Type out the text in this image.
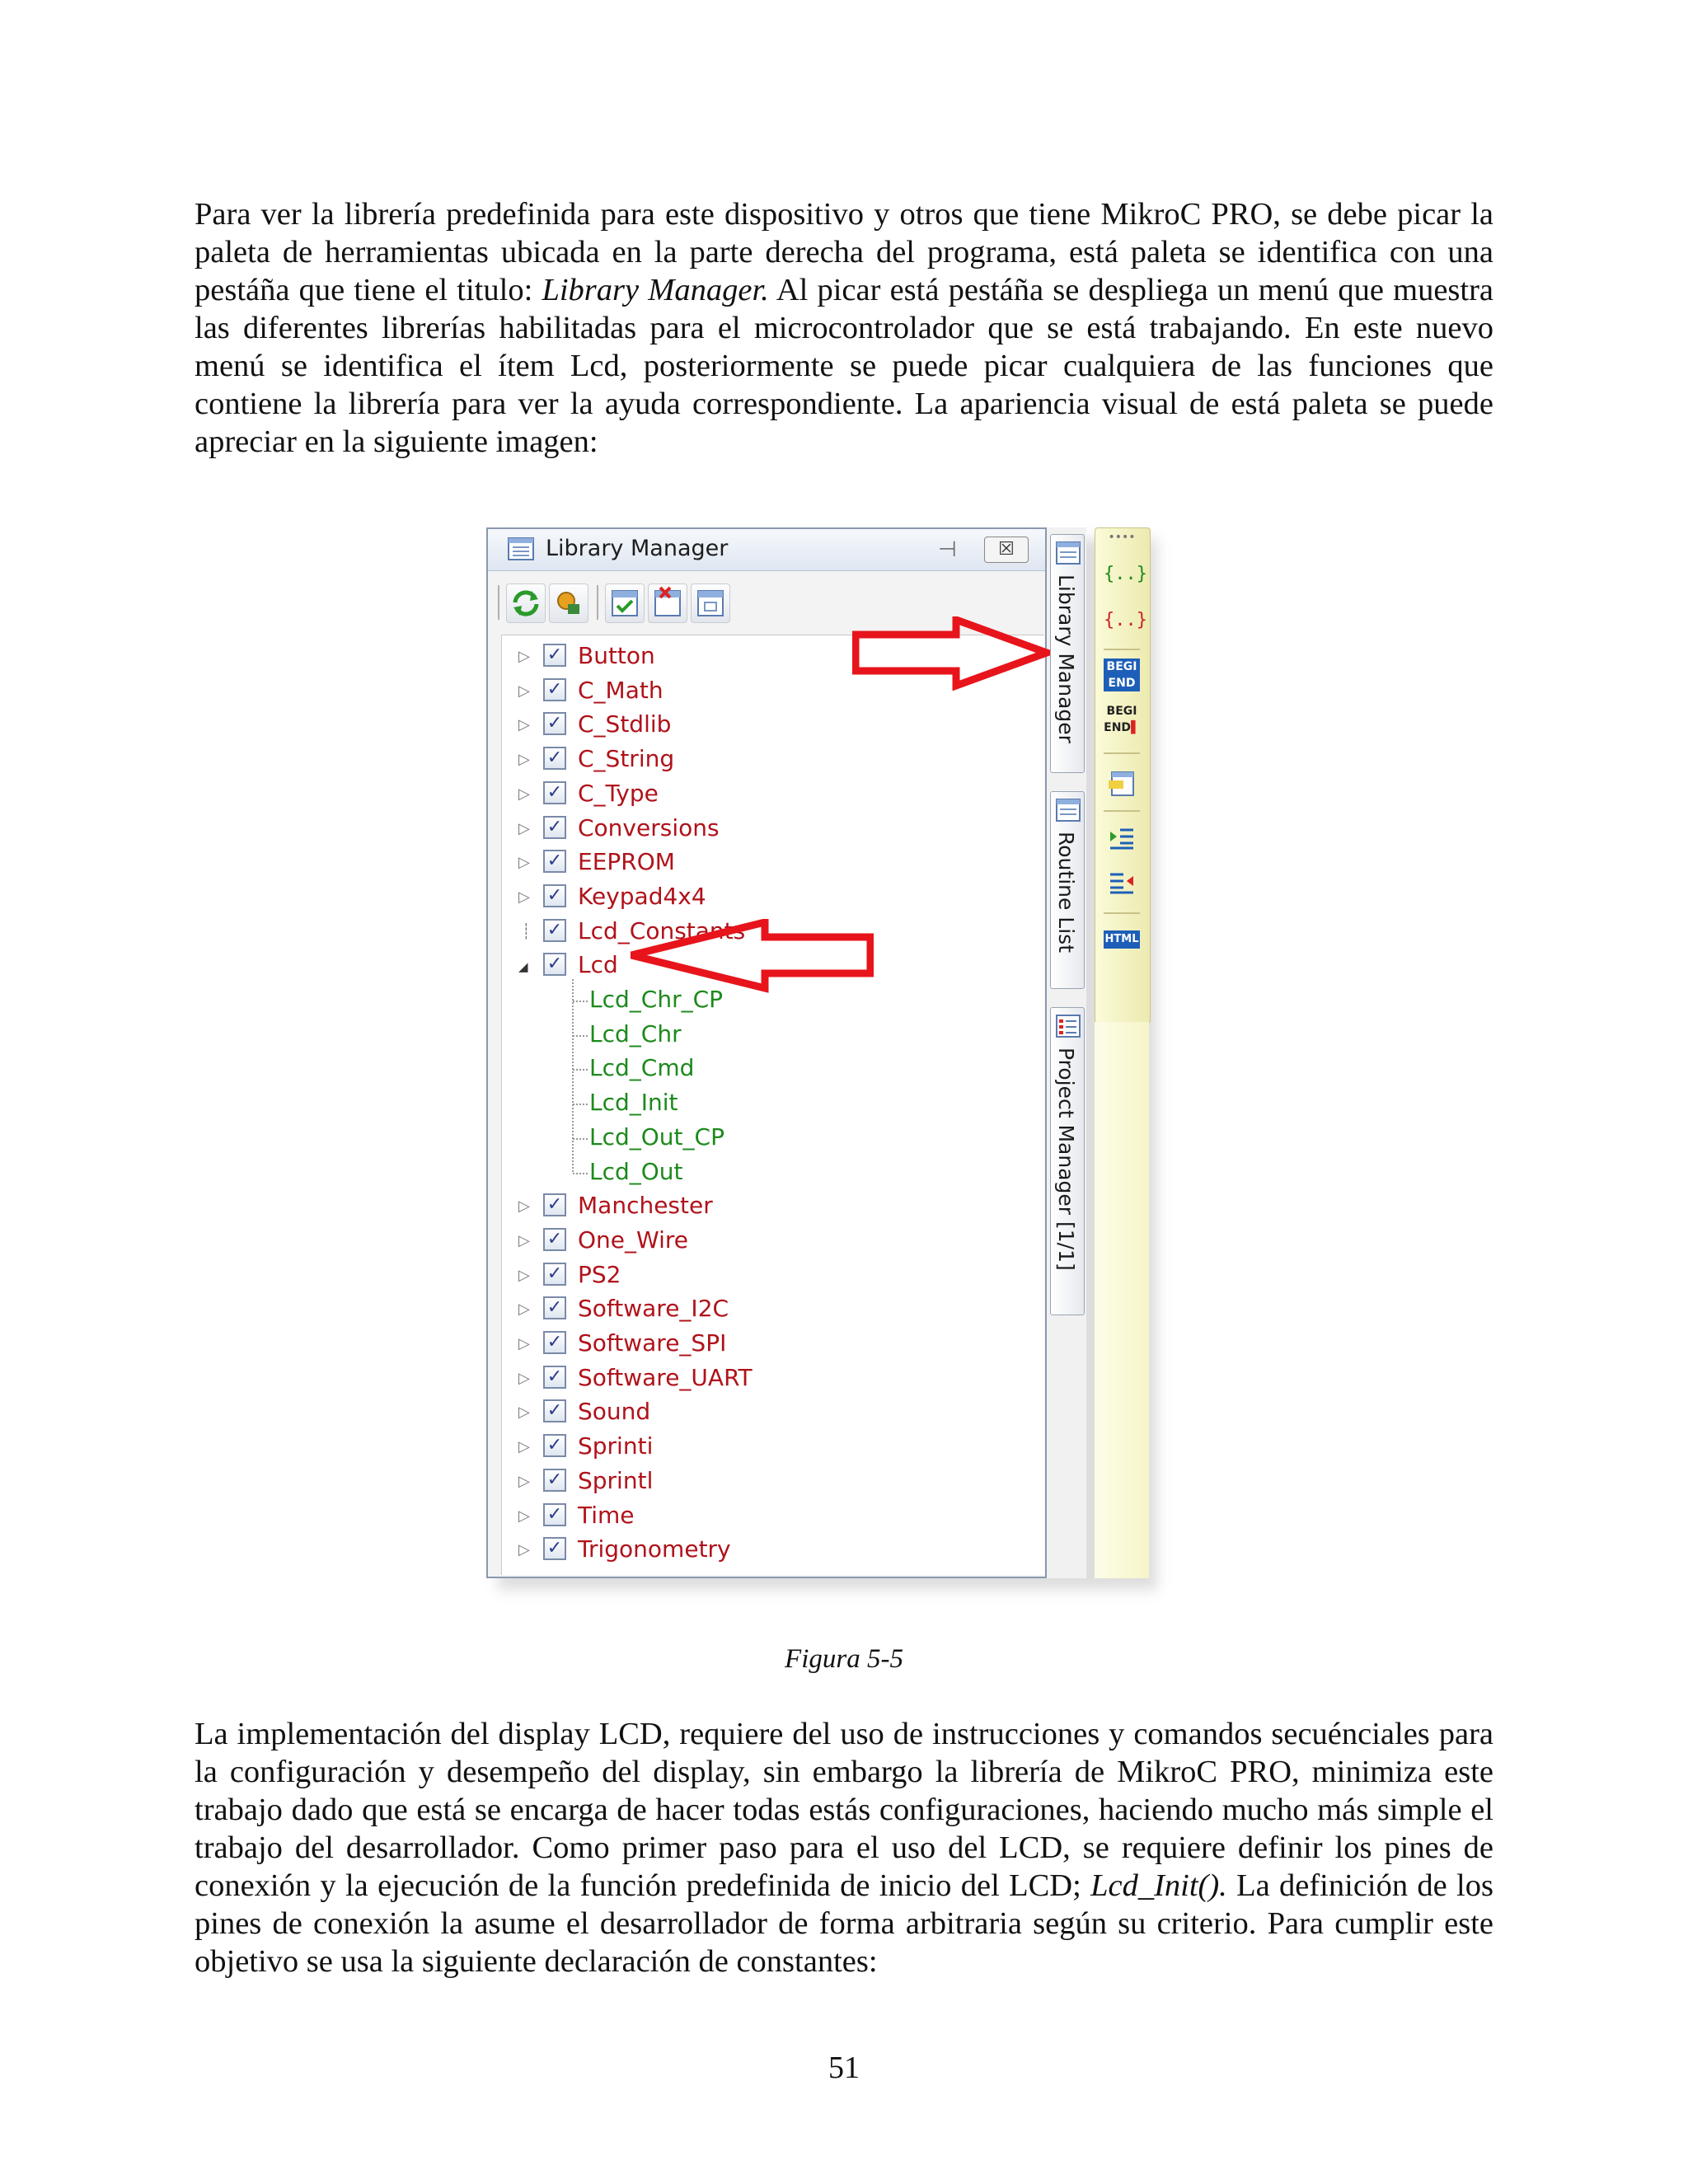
Para ver la librería predefinida para este dispositivo y otros que tiene MikroC PRO, se debe picar la paleta de herramientas ubicada en la parte derecha del programa, está paleta se identifica con una pestáña que tiene el titulo: Library Manager. Al picar está pestáña se despliega un menú que muestra las diferentes librerías habilitadas para el microcontrolador que se está trabajando. En este nuevo menú se identifica el ítem Lcd, posteriormente se puede picar cualquiera de las funciones que contiene la librería para ver la ayuda correspondiente. La apariencia visual de está paleta se puede apreciar en la siguiente imagen:

Library Manager	⊣	☒
▷ ✓ Button
▷ ✓ C_Math
▷ ✓ C_Stdlib
▷ ✓ C_String
▷ ✓ C_Type
▷ ✓ Conversions
▷ ✓ EEPROM
▷ ✓ Keypad4x4
┊ ✓ Lcd_Constants
◢ ✓ Lcd
Lcd_Chr_CP
Lcd_Chr
Lcd_Cmd
Lcd_Init
Lcd_Out_CP
Lcd_Out
▷ ✓ Manchester
▷ ✓ One_Wire
▷ ✓ PS2
▷ ✓ Software_I2C
▷ ✓ Software_SPI
▷ ✓ Software_UART
▷ ✓ Sound
▷ ✓ Sprinti
▷ ✓ Sprintl
▷ ✓ Time
▷ ✓ Trigonometry
Library Manager
Routine List
Project Manager [1/1]
••••
{..}
{..}
BEGI
END
BEGI
END▌
HTML
Figura 5-5

La implementación del display LCD, requiere del uso de instrucciones y comandos secuénciales para la configuración y desempeño del display, sin embargo la librería de MikroC PRO, minimiza este trabajo dado que está se encarga de hacer todas estás configuraciones, haciendo mucho más simple el trabajo del desarrollador. Como primer paso para el uso del LCD, se requiere definir los pines de conexión y la ejecución de la función predefinida de inicio del LCD; Lcd_Init(). La definición de los pines de conexión la asume el desarrollador de forma arbitraria según su criterio. Para cumplir este objetivo se usa la siguiente declaración de constantes:

51
